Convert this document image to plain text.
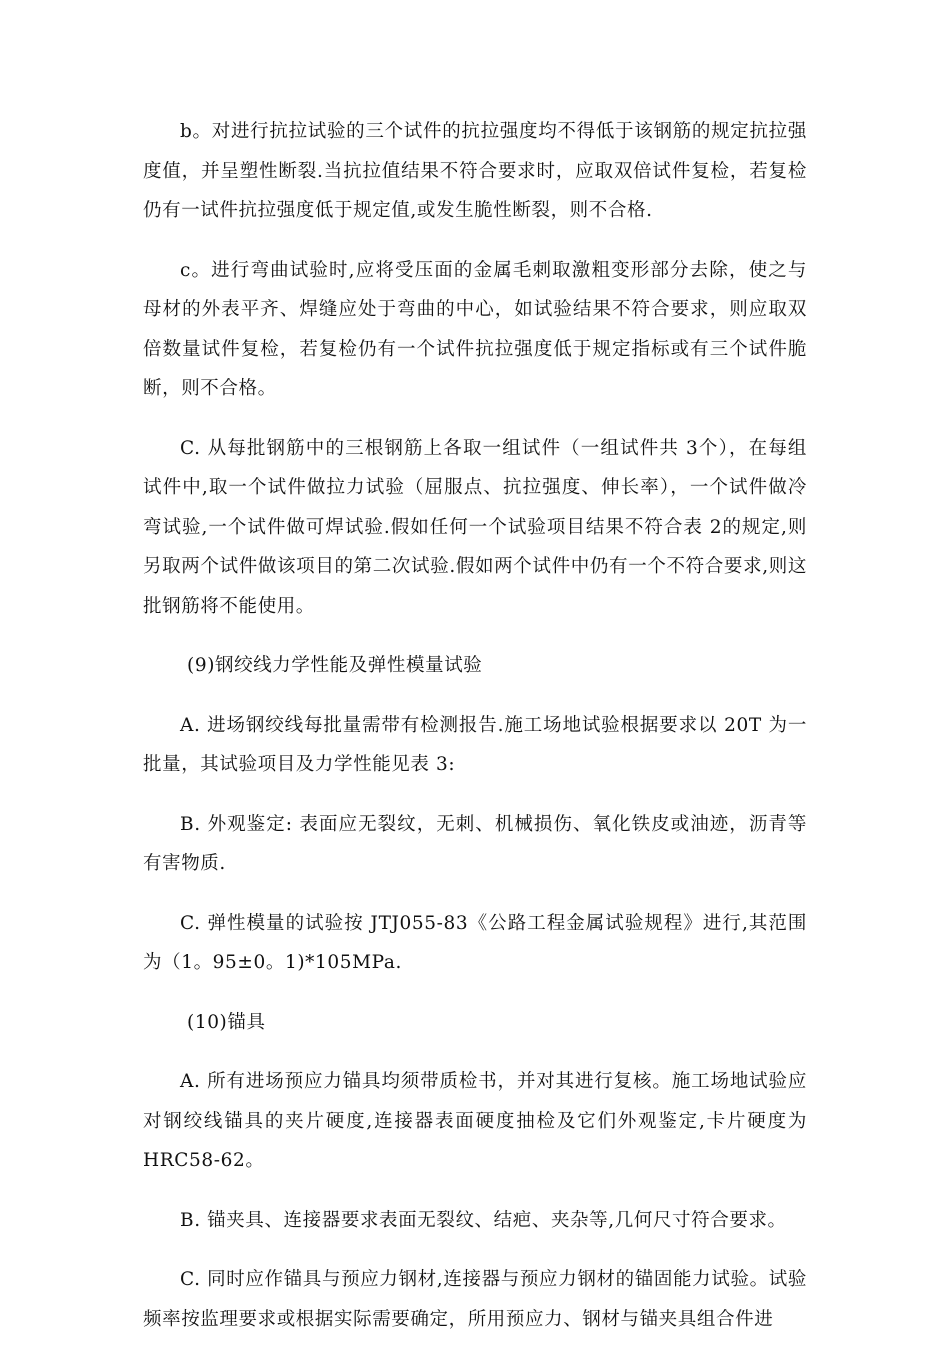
b。对进行抗拉试验的三个试件的抗拉强度均不得低于该钢筋的规定抗拉强度值，并呈塑性断裂.当抗拉值结果不符合要求时，应取双倍试件复检，若复检仍有一试件抗拉强度低于规定值,或发生脆性断裂，则不合格.

c。进行弯曲试验时,应将受压面的金属毛刺取激粗变形部分去除，使之与母材的外表平齐、焊缝应处于弯曲的中心，如试验结果不符合要求，则应取双倍数量试件复检，若复检仍有一个试件抗拉强度低于规定指标或有三个试件脆断，则不合格。

C. 从每批钢筋中的三根钢筋上各取一组试件（一组试件共 3个），在每组试件中,取一个试件做拉力试验（屈服点、抗拉强度、伸长率），一个试件做冷弯试验,一个试件做可焊试验.假如任何一个试验项目结果不符合表 2的规定,则另取两个试件做该项目的第二次试验.假如两个试件中仍有一个不符合要求,则这批钢筋将不能使用。

(9)钢绞线力学性能及弹性模量试验

A. 进场钢绞线每批量需带有检测报告.施工场地试验根据要求以 20T 为一批量，其试验项目及力学性能见表 3:

B. 外观鉴定: 表面应无裂纹，无刺、机械损伤、氧化铁皮或油迹，沥青等有害物质.

C. 弹性模量的试验按 JTJ055-83《公路工程金属试验规程》进行,其范围为（1。95±0。1)*105MPa.

(10)锚具

A. 所有进场预应力锚具均须带质检书，并对其进行复核。施工场地试验应对钢绞线锚具的夹片硬度,连接器表面硬度抽检及它们外观鉴定,卡片硬度为HRC58-62。

B. 锚夹具、连接器要求表面无裂纹、结疤、夹杂等,几何尺寸符合要求。

C. 同时应作锚具与预应力钢材,连接器与预应力钢材的锚固能力试验。试验频率按监理要求或根据实际需要确定，所用预应力、钢材与锚夹具组合件进
